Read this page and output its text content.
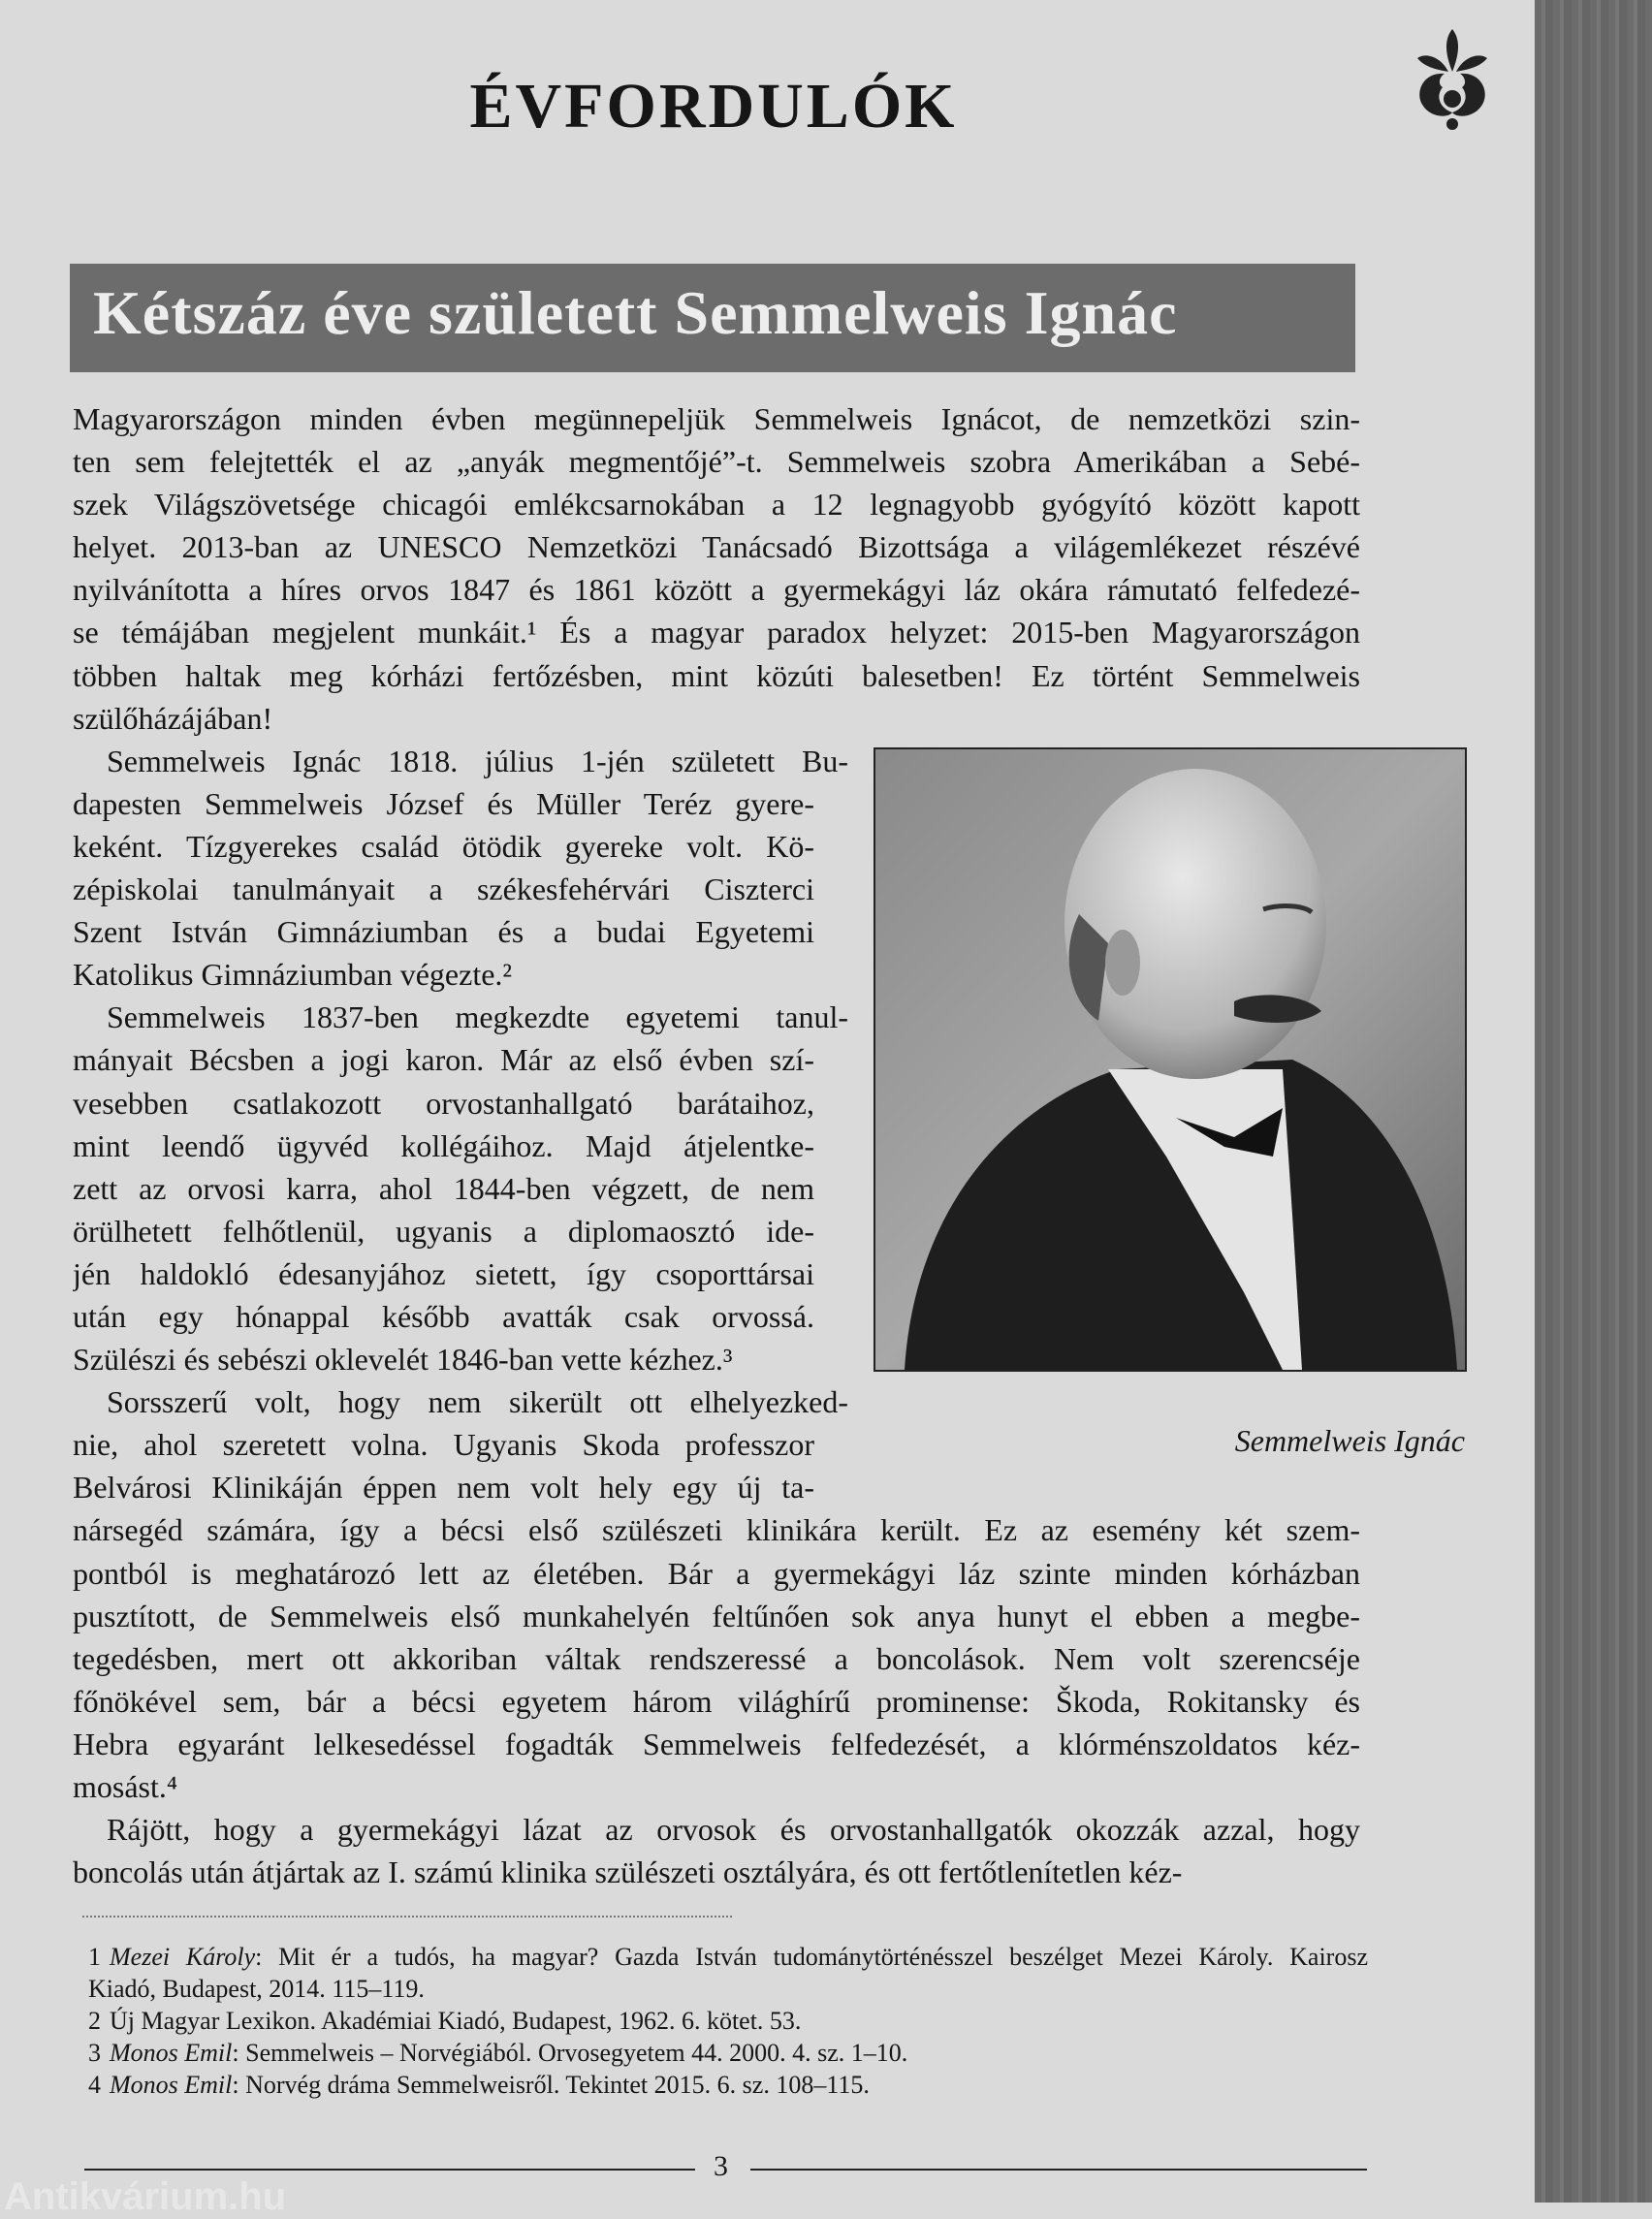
ÉVFORDULÓK
Kétszáz éve született Semmelweis Ignác
Magyarországon minden évben megünnepeljük Semmelweis Ignácot, de nemzetközi szin-
ten sem felejtették el az „anyák megmentőjé”-t. Semmelweis szobra Amerikában a Sebé-
szek Világszövetsége chicagói emlékcsarnokában a 12 legnagyobb gyógyító között kapott
helyet. 2013-ban az UNESCO Nemzetközi Tanácsadó Bizottsága a világemlékezet részévé
nyilvánította a híres orvos 1847 és 1861 között a gyermekágyi láz okára rámutató felfedezé-
se témájában megjelent munkáit.¹ És a magyar paradox helyzet: 2015-ben Magyarországon
többen haltak meg kórházi fertőzésben, mint közúti balesetben! Ez történt Semmelweis
szülőházájában!
Semmelweis Ignác 1818. július 1-jén született Bu-
dapesten Semmelweis József és Müller Teréz gyere-
keként. Tízgyerekes család ötödik gyereke volt. Kö-
zépiskolai tanulmányait a székesfehérvári Ciszterci
Szent István Gimnáziumban és a budai Egyetemi
Katolikus Gimnáziumban végezte.²
Semmelweis 1837-ben megkezdte egyetemi tanul-
mányait Bécsben a jogi karon. Már az első évben szí-
vesebben csatlakozott orvostanhallgató barátaihoz,
mint leendő ügyvéd kollégáihoz. Majd átjelentke-
zett az orvosi karra, ahol 1844-ben végzett, de nem
örülhetett felhőtlenül, ugyanis a diplomaosztó ide-
jén haldokló édesanyjához sietett, így csoporttársai
után egy hónappal később avatták csak orvossá.
Szülészi és sebészi oklevelét 1846-ban vette kézhez.³
Sorsszerű volt, hogy nem sikerült ott elhelyezked-
nie, ahol szeretett volna. Ugyanis Skoda professzor
Belvárosi Klinikáján éppen nem volt hely egy új ta-
nársegéd számára, így a bécsi első szülészeti klinikára került. Ez az esemény két szem-
pontból is meghatározó lett az életében. Bár a gyermekágyi láz szinte minden kórházban
pusztított, de Semmelweis első munkahelyén feltűnően sok anya hunyt el ebben a megbe-
tegedésben, mert ott akkoriban váltak rendszeressé a boncolások. Nem volt szerencséje
főnökével sem, bár a bécsi egyetem három világhírű prominense: Škoda, Rokitansky és
Hebra egyaránt lelkesedéssel fogadták Semmelweis felfedezését, a klórménszoldatos kéz-
mosást.⁴
Rájött, hogy a gyermekágyi lázat az orvosok és orvostanhallgatók okozzák azzal, hogy
boncolás után átjártak az I. számú klinika szülészeti osztályára, és ott fertőtlenítetlen kéz-
Semmelweis Ignác
1 Mezei Károly: Mit ér a tudós, ha magyar? Gazda István tudománytörténésszel beszélget Mezei Károly. Kairosz
Kiadó, Budapest, 2014. 115–119.
2 Új Magyar Lexikon. Akadémiai Kiadó, Budapest, 1962. 6. kötet. 53.
3 Monos Emil: Semmelweis – Norvégiából. Orvosegyetem 44. 2000. 4. sz. 1–10.
4 Monos Emil: Norvég dráma Semmelweisről. Tekintet 2015. 6. sz. 108–115.
3
Antikvárium.hu
